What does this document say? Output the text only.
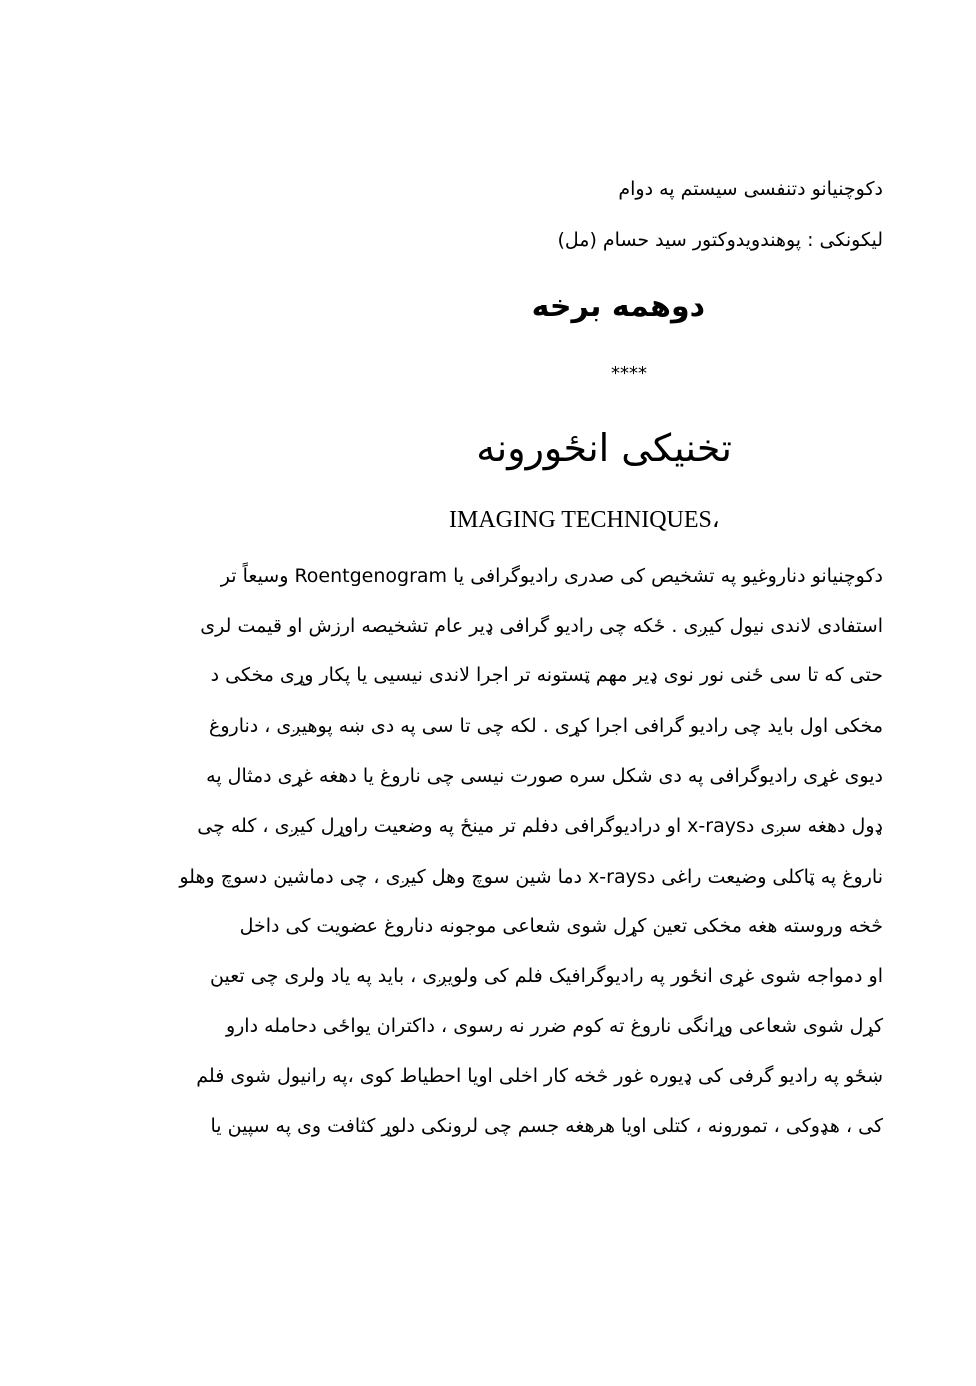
دکوچنیانو دتنفسی سیستم په دوام
لیکونکی : پوهندویدوکتور سید حسام (مل)
دوهمه برخه
****
تخنیکی انځورونه
IMAGING TECHNIQUES،
دکوچنیانو دناروغیو په تشخیص کی صدری رادیوگرافی یا Roentgenogram وسیعاً تر
استفادی لاندی نیول کیږی . ځکه چی رادیو گرافی ډیر عام تشخیصه ارزش او قیمت لری
حتی که تا سی ځنی نور نوی ډیر مهم ټستونه تر اجرا لاندی نیسیی یا پکار وړی مخکی د
مخکی اول باید چی رادیو گرافی اجرا کړی . لکه چی تا سی په دی ښه پوهیږی ، دناروغ
دیوی غړی رادیوگرافی په دی شکل سره صورت نیسی چی ناروغ یا دهغه غړی دمثال په
ډول دهغه سږی دx-rays او درادیوگرافی دفلم تر مینځ په وضعیت راوړل کیږی ، کله چی
ناروغ په ټاکلی وضیعت راغی دx-rays دما شین سوچ وهل کیږی ، چی دماشین دسوچ وهلو
څخه وروسته هغه مخکی تعین کړل شوی شعاعی موجونه دناروغ عضویت کی داخل
او دمواجه شوی غړی انځور په رادیوگرافیک فلم کی ولویږی ، باید په یاد ولری چی تعین
کړل شوی شعاعی وړانگی ناروغ ته کوم ضرر نه رسوی ، داکتران یواځی دحامله دارو
ښځو په رادیو گرفی کی ډیوره غور څخه کار اخلی اویا احطیاط کوی ،په رانیول شوی فلم
کی ، هډوکی ، تمورونه ، کتلی اویا هرهغه جسم چی لرونکی دلوړ کثافت وی په سپین یا
